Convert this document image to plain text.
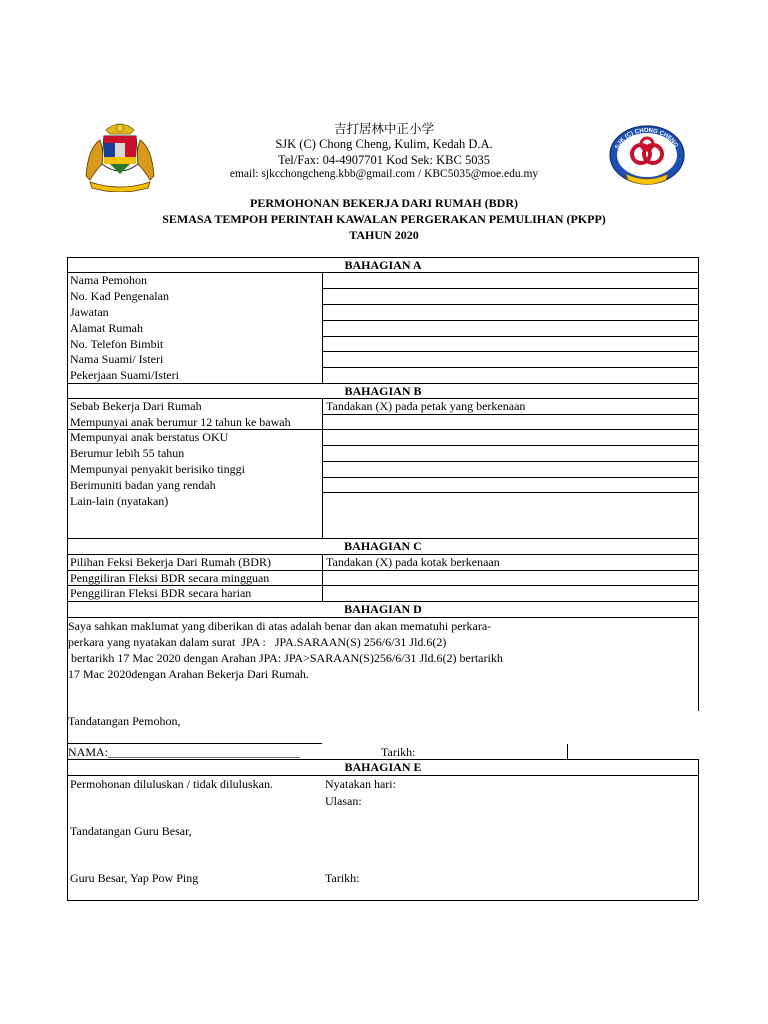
吉打居林中正小学
SJK (C) Chong Cheng, Kulim, Kedah D.A.
Tel/Fax: 04-4907701 Kod Sek: KBC 5035
email: sjkcchongcheng.kbb@gmail.com / KBC5035@moe.edu.my
SJK (C) CHONG CHENG
PERMOHONAN BEKERJA DARI RUMAH (BDR)
SEMASA TEMPOH PERINTAH KAWALAN PERGERAKAN PEMULIHAN (PKPP)
TAHUN 2020
BAHAGIAN A
Nama Pemohon
No. Kad Pengenalan
Jawatan
Alamat Rumah
No. Telefon Bimbit
Nama Suami/ Isteri
Pekerjaan Suami/Isteri
BAHAGIAN B
Sebab Bekerja Dari Rumah	Tandakan (X) pada petak yang berkenaan
Mempunyai anak berumur 12 tahun ke bawah
Mempunyai anak berstatus OKU
Berumur lebih 55 tahun
Mempunyai penyakit berisiko tinggi
Berimuniti badan yang rendah
Lain-lain (nyatakan)
BAHAGIAN C
Pilihan Feksi Bekerja Dari Rumah (BDR)	Tandakan (X) pada kotak berkenaan
Penggiliran Fleksi BDR secara mingguan
Penggiliran Fleksi BDR secara harian
BAHAGIAN D
Saya sahkan maklumat yang diberikan di atas adalah benar dan akan mematuhi perkara-
perkara yang nyatakan dalam surat  JPA :   JPA.SARAAN(S) 256/6/31 Jld.6(2)
bertarikh 17 Mac 2020 dengan Arahan JPA: JPA>SARAAN(S)256/6/31 Jld.6(2) bertarikh
17 Mac 2020dengan Arahan Bekerja Dari Rumah.
Tandatangan Pemohon,
NAMA:________________________________	Tarikh:
BAHAGIAN E
Permohonan diluluskan / tidak diluluskan.	Nyatakan hari:
Ulasan:
Tandatangan Guru Besar,
Guru Besar, Yap Pow Ping	Tarikh:
